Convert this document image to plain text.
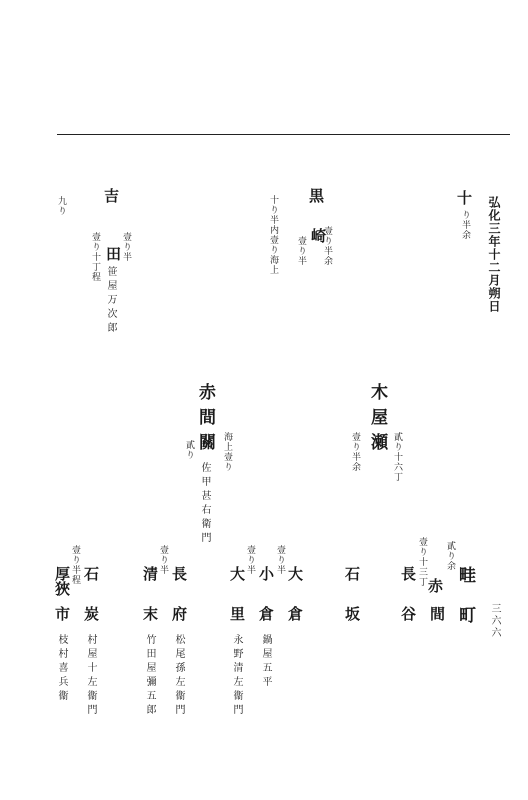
弘化三年十二月朔日
三六六
十
り半余
十り半内壹り海上 黒
崎
壹り半余
壹り半
吉
田 壹り半
壹り十丁程
笹屋万次郎
九り
木屋瀬 貳り十六丁
壹り半余
赤間關 海上壹り
貳り
佐甲甚右衛門
畦
町
貳り余
赤
間
壹り十三丁
長
谷
石
坂
大
倉
壹り半
小
倉
鍋屋五平
壹り半
大
里
永野清左衞門
長
府
松尾孫左衞門
壹り半
清
末
竹田屋彌五郎
石
炭
村屋十左衞門
壹り半程
厚狹
市
枝村喜兵衞
